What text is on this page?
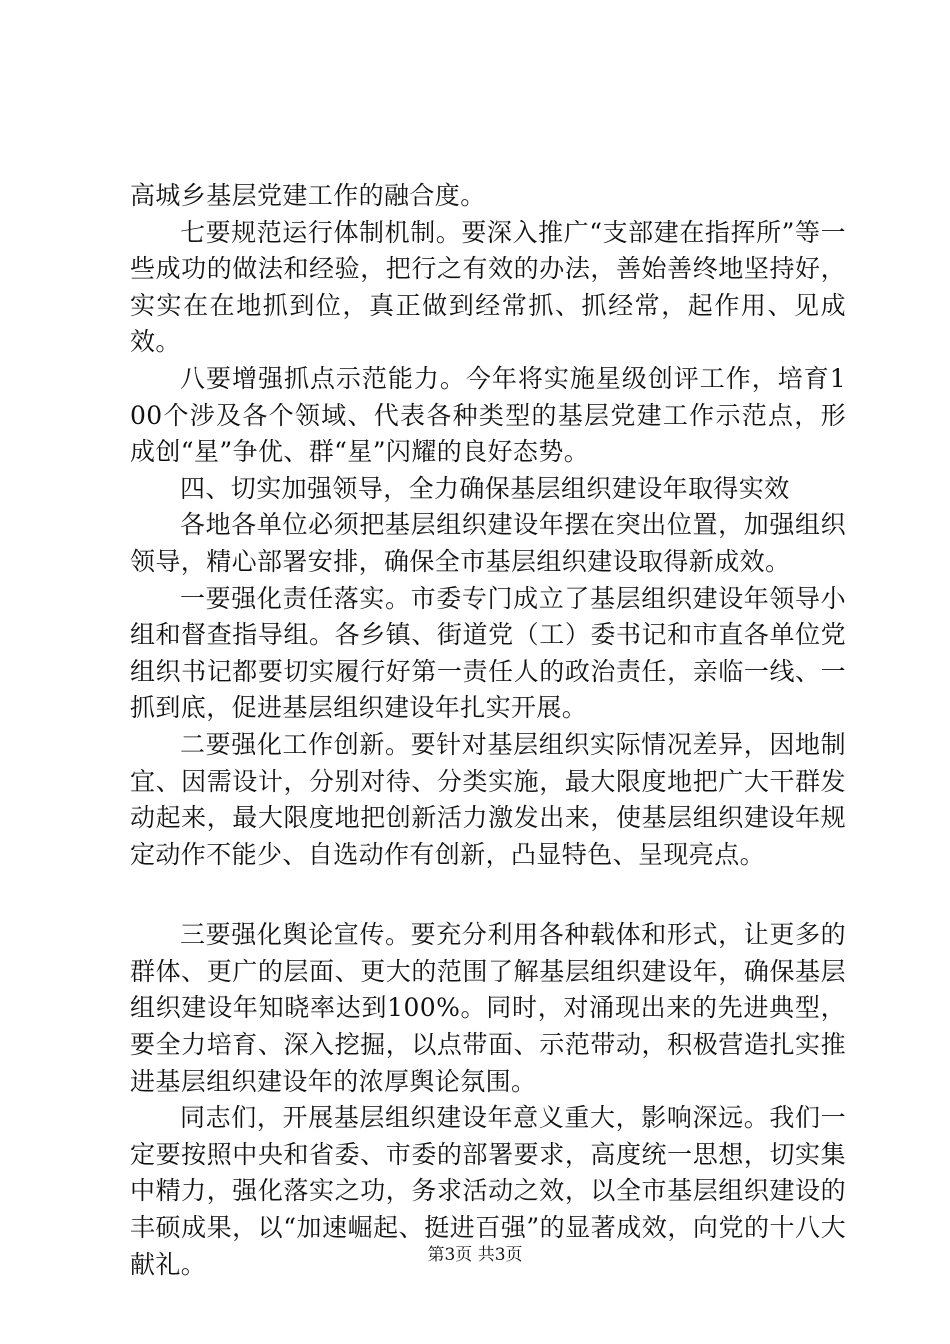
高城乡基层党建工作的融合度。

七要规范运行体制机制。要深入推广“支部建在指挥所”等一些成功的做法和经验，把行之有效的办法，善始善终地坚持好，实实在在地抓到位，真正做到经常抓、抓经常，起作用、见成效。

八要增强抓点示范能力。今年将实施星级创评工作，培育100个涉及各个领域、代表各种类型的基层党建工作示范点，形成创“星”争优、群“星”闪耀的良好态势。

四、切实加强领导，全力确保基层组织建设年取得实效

各地各单位必须把基层组织建设年摆在突出位置，加强组织领导，精心部署安排，确保全市基层组织建设取得新成效。

一要强化责任落实。市委专门成立了基层组织建设年领导小组和督查指导组。各乡镇、街道党（工）委书记和市直各单位党组织书记都要切实履行好第一责任人的政治责任，亲临一线、一抓到底，促进基层组织建设年扎实开展。

二要强化工作创新。要针对基层组织实际情况差异，因地制宜、因需设计，分别对待、分类实施，最大限度地把广大干群发动起来，最大限度地把创新活力激发出来，使基层组织建设年规定动作不能少、自选动作有创新，凸显特色、呈现亮点。

三要强化舆论宣传。要充分利用各种载体和形式，让更多的群体、更广的层面、更大的范围了解基层组织建设年，确保基层组织建设年知晓率达到100%。同时，对涌现出来的先进典型，要全力培育、深入挖掘，以点带面、示范带动，积极营造扎实推进基层组织建设年的浓厚舆论氛围。

同志们，开展基层组织建设年意义重大，影响深远。我们一定要按照中央和省委、市委的部署要求，高度统一思想，切实集中精力，强化落实之功，务求活动之效，以全市基层组织建设的丰硕成果，以“加速崛起、挺进百强”的显著成效，向党的十八大献礼。	第3页 共3页
